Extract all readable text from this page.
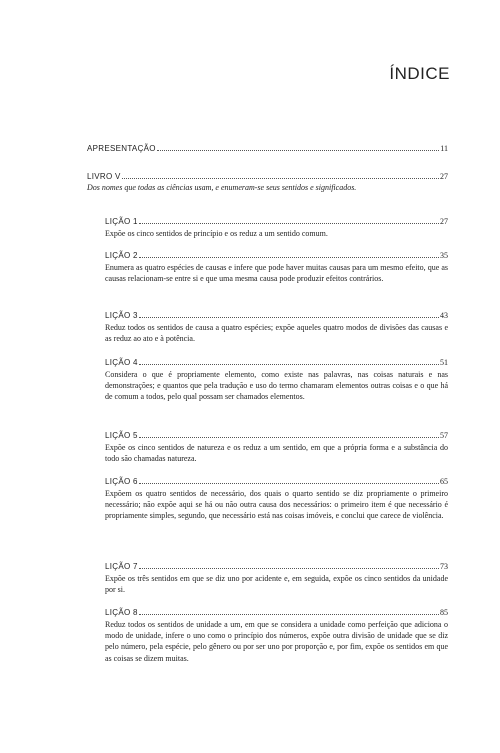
ÍNDICE
APRESENTAÇÃO	11
LIVRO V	27
Dos nomes que todas as ciências usam, e enumeram-se seus sentidos e significados.
LIÇÃO 1	27
Expõe os cinco sentidos de princípio e os reduz a um sentido comum.
LIÇÃO 2	35
Enumera as quatro espécies de causas e infere que pode haver muitas causas para um mesmo efeito, que as causas relacionam-se entre si e que uma mesma causa pode produzir efeitos contrários.
LIÇÃO 3	43
Reduz todos os sentidos de causa a quatro espécies; expõe aqueles quatro modos de divisões das causas e as reduz ao ato e à potência.
LIÇÃO 4	51
Considera o que é propriamente elemento, como existe nas palavras, nas coisas naturais e nas demonstrações; e quantos que pela tradução e uso do termo chamaram elementos outras coisas e o que há de comum a todos, pelo qual possam ser chamados elementos.
LIÇÃO 5	57
Expõe os cinco sentidos de natureza e os reduz a um sentido, em que a própria forma e a substância do todo são chamadas natureza.
LIÇÃO 6	65
Expõem os quatro sentidos de necessário, dos quais o quarto sentido se diz propriamente o primeiro necessário; não expõe aqui se há ou não outra causa dos necessários: o primeiro item é que necessário é propriamente simples, segundo, que necessário está nas coisas imóveis, e conclui que carece de violência.
LIÇÃO 7	73
Expõe os três sentidos em que se diz uno por acidente e, em seguida, expõe os cinco sentidos da unidade por si.
LIÇÃO 8	85
Reduz todos os sentidos de unidade a um, em que se considera a unidade como perfeição que adiciona o modo de unidade, infere o uno como o princípio dos números, expõe outra divisão de unidade que se diz pelo número, pela espécie, pelo gênero ou por ser uno por proporção e, por fim, expõe os sentidos em que as coisas se dizem muitas.
